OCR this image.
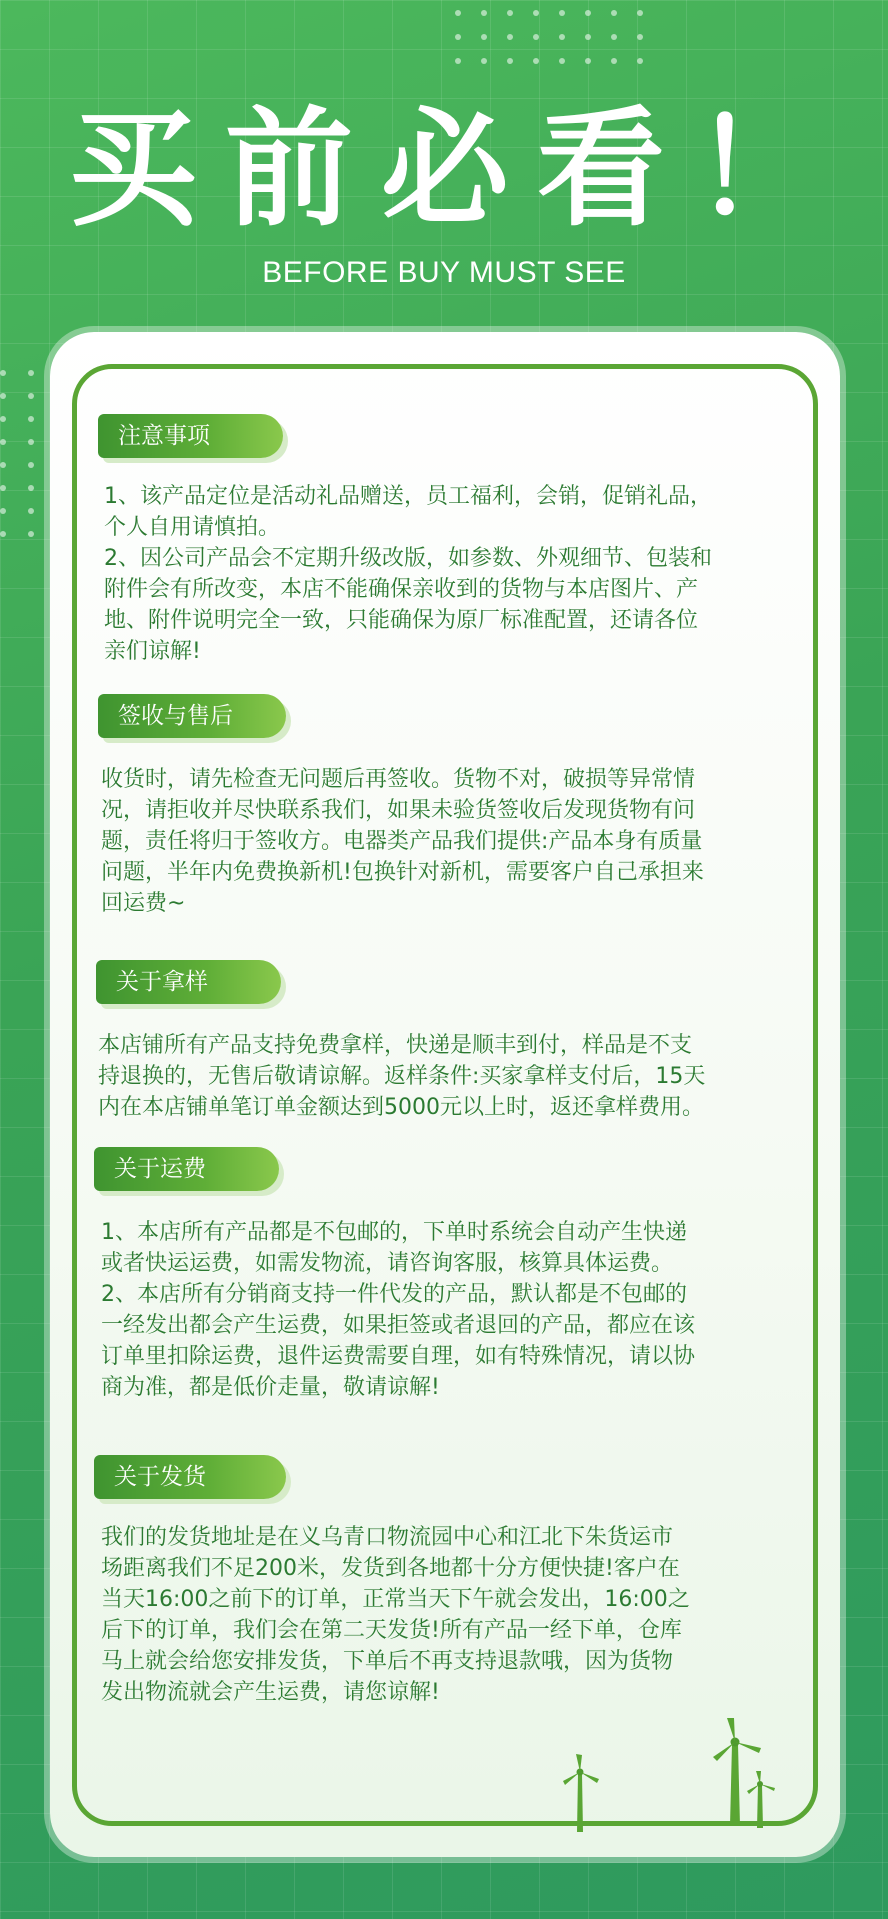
买前必看！
BEFORE BUY MUST SEE
注意事项
1、该产品定位是活动礼品赠送，员工福利，会销，促销礼品，
个人自用请慎拍。
2、因公司产品会不定期升级改版，如参数、外观细节、包装和
附件会有所改变，本店不能确保亲收到的货物与本店图片、产
地、附件说明完全一致，只能确保为原厂标准配置，还请各位
亲们谅解!
签收与售后
收货时，请先检查无问题后再签收。货物不对，破损等异常情
况，请拒收并尽快联系我们，如果未验货签收后发现货物有问
题，责任将归于签收方。电器类产品我们提供:产品本身有质量
问题，半年内免费换新机!包换针对新机，需要客户自己承担来
回运费~
关于拿样
本店铺所有产品支持免费拿样，快递是顺丰到付，样品是不支
持退换的，无售后敬请谅解。返样条件:买家拿样支付后，15天
内在本店铺单笔订单金额达到5000元以上时，返还拿样费用。
关于运费
1、本店所有产品都是不包邮的，下单时系统会自动产生快递
或者快运运费，如需发物流，请咨询客服，核算具体运费。
2、本店所有分销商支持一件代发的产品，默认都是不包邮的
一经发出都会产生运费，如果拒签或者退回的产品，都应在该
订单里扣除运费，退件运费需要自理，如有特殊情况，请以协
商为准，都是低价走量，敬请谅解!
关于发货
我们的发货地址是在义乌青口物流园中心和江北下朱货运市
场距离我们不足200米，发货到各地都十分方便快捷!客户在
当天16:00之前下的订单，正常当天下午就会发出，16:00之
后下的订单，我们会在第二天发货!所有产品一经下单，仓库
马上就会给您安排发货，下单后不再支持退款哦，因为货物
发出物流就会产生运费，请您谅解!
